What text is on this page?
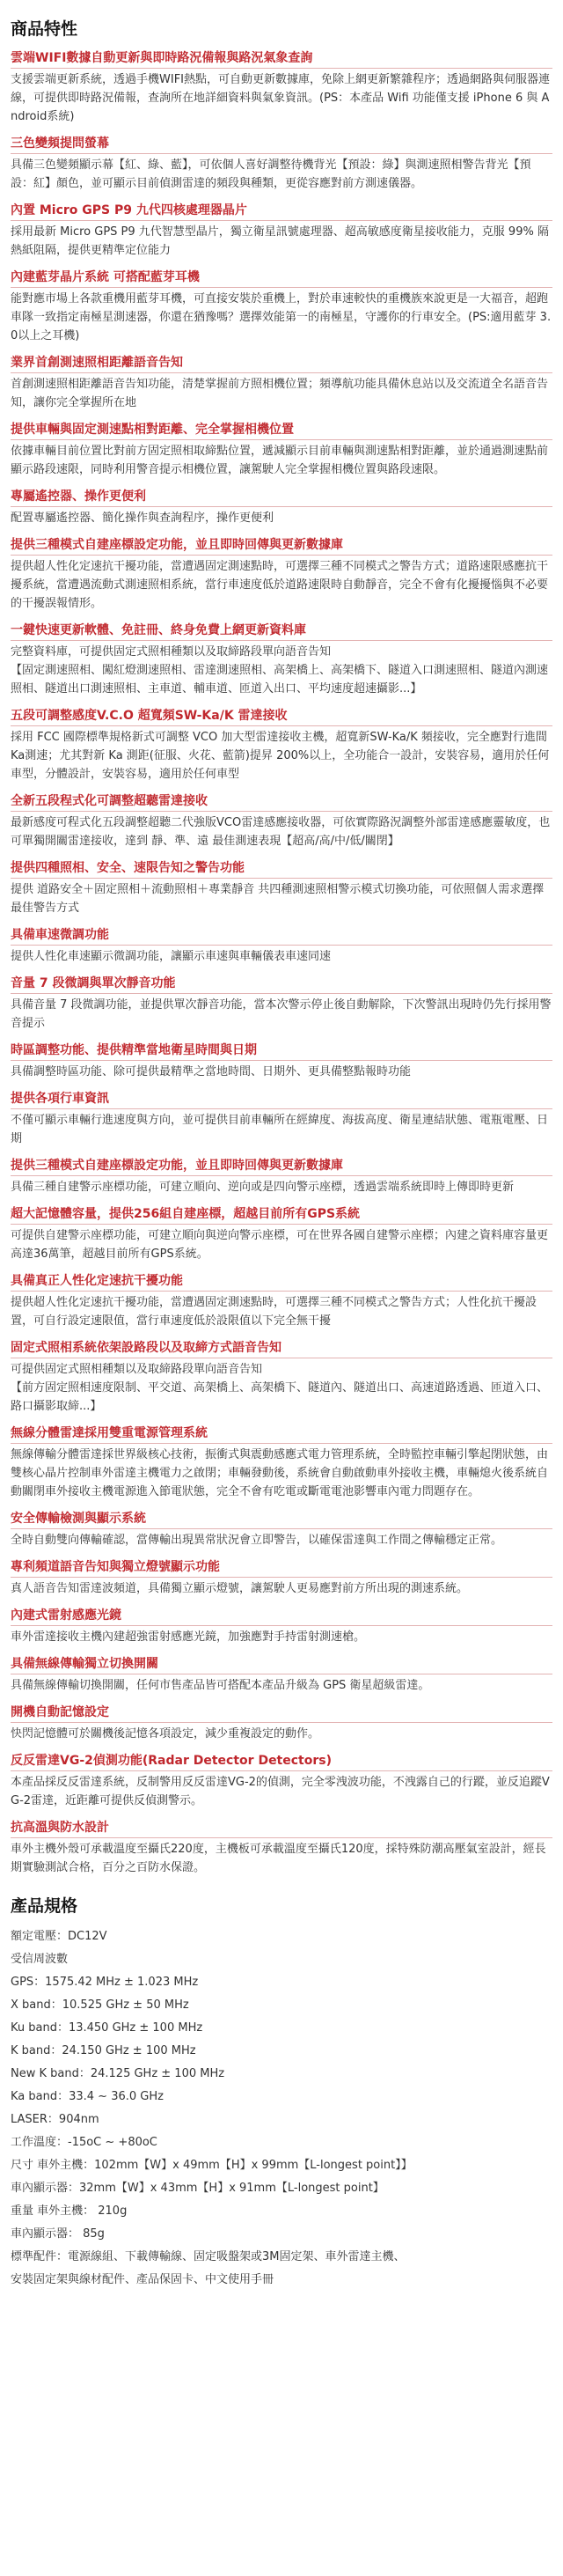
商品特性
雲端WIFI數據自動更新與即時路況備報與路況氣象查詢
支援雲端更新系統，透過手機WIFI熱點，可自動更新數據庫，免除上網更新繁雜程序；透過網路與伺服器連線，可提供即時路況備報，查詢所在地詳細資料與氣象資訊。(PS：本產品 Wifi 功能僅支援 iPhone 6 與 Android系統)
三色變頻提問螢幕
具備三色變頻顯示幕【紅、綠、藍】，可依個人喜好調整待機背光【預設：綠】與測速照相警告背光【預設：紅】顏色，並可顯示目前偵測雷達的頻段與種類，更從容應對前方測速儀器。
內置 Micro GPS P9 九代四核處理器晶片
採用最新 Micro GPS P9 九代智慧型晶片，獨立衛星訊號處理器、超高敏感度衛星接收能力，克服 99% 隔熱紙阻隔，提供更精準定位能力
內建藍芽晶片系統 可搭配藍芽耳機
能對應市場上各款重機用藍芽耳機，可直接安裝於重機上，對於車速較快的重機族來說更是一大福音，超跑車隊一致指定南極星測速器，你還在猶豫嗎？選擇效能第一的南極星，守護你的行車安全。(PS:適用藍芽 3.0以上之耳機)
業界首創測速照相距離語音告知
首創測速照相距離語音告知功能，清楚掌握前方照相機位置；頻導航功能具備休息站以及交流道全名語音告知，讓你完全掌握所在地
提供車輛與固定測速點相對距離、完全掌握相機位置
依據車輛目前位置比對前方固定照相取締點位置，遞減顯示目前車輛與測速點相對距離，並於通過測速點前顯示路段速限，同時利用警音提示相機位置，讓駕駛人完全掌握相機位置與路段速限。
專屬遙控器、操作更便利
配置專屬遙控器、簡化操作與查詢程序，操作更便利
提供三種模式自建座標設定功能，並且即時回傳與更新數據庫
提供超人性化定速抗干擾功能，當遭遇固定測速點時，可選擇三種不同模式之警告方式；道路速限感應抗干擾系統，當遭遇流動式測速照相系統，當行車速度低於道路速限時自動靜音，完全不會有化擾擾惱與不必要的干擾誤報情形。
一鍵快速更新軟體、免註冊、終身免費上網更新資料庫
完整資料庫，可提供固定式照相種類以及取締路段單向語音告知
【固定測速照相、闖紅燈測速照相、雷達測速照相、高架橋上、高架橋下、隧道入口測速照相、隧道內測速照相、隧道出口測速照相、主車道、輔車道、匝道入出口、平均速度超速攝影...】
五段可調整感度V.C.O 超寬頻SW-Ka/K 雷達接收
採用 FCC 國際標準規格新式可調整 VCO 加大型雷達接收主機，超寬新SW-Ka/K 頻接收，完全應對行進間Ka測速；尤其對新 Ka 測距(征服、火花、藍箭)提昇 200%以上，全功能合一設計，安裝容易，適用於任何車型，分體設計，安裝容易，適用於任何車型
全新五段程式化可調整超聽雷達接收
最新感度可程式化五段調整超聽二代強版VCO雷達感應接收器，可依實際路況調整外部雷達感應靈敏度，也可單獨開關雷達接收，達到 靜、準、遠 最佳測速表現【超高/高/中/低/關閉】
提供四種照相、安全、速限告知之警告功能
提供 道路安全＋固定照相＋流動照相＋專業靜音 共四種測速照相警示模式切換功能，可依照個人需求選擇最佳警告方式
具備車速微調功能
提供人性化車速顯示微調功能，讓顯示車速與車輛儀表車速同速
音量 7 段微調與單次靜音功能
具備音量 7 段微調功能，並提供單次靜音功能，當本次警示停止後自動解除，下次警訊出現時仍先行採用警音提示
時區調整功能、提供精準當地衛星時間與日期
具備調整時區功能、除可提供最精準之當地時間、日期外、更具備整點報時功能
提供各項行車資訊
不僅可顯示車輛行進速度與方向，並可提供目前車輛所在經緯度、海拔高度、衛星連結狀態、電瓶電壓、日期
提供三種模式自建座標設定功能，並且即時回傳與更新數據庫
具備三種自建警示座標功能，可建立順向、逆向或是四向警示座標，透過雲端系統即時上傳即時更新
超大記憶體容量，提供256組自建座標，超越目前所有GPS系統
可提供自建警示座標功能，可建立順向與逆向警示座標，可在世界各國自建警示座標；內建之資料庫容量更高達36萬筆，超越目前所有GPS系統。
具備真正人性化定速抗干擾功能
提供超人性化定速抗干擾功能，當遭遇固定測速點時，可選擇三種不同模式之警告方式；人性化抗干擾設置，可自行設定速限值，當行車速度低於設限值以下完全無干擾
固定式照相系統依架設路段以及取締方式語音告知
可提供固定式照相種類以及取締路段單向語音告知
【前方固定照相速度限制、平交道、高架橋上、高架橋下、隧道內、隧道出口、高速道路透過、匝道入口、路口攝影取締...】
無線分體雷達採用雙重電源管理系統
無線傳輸分體雷達採世界級核心技術，振衝式與震動感應式電力管理系統，全時監控車輛引擎起閉狀態，由雙核心晶片控制車外雷達主機電力之啟閉；車輛發動後，系統會自動啟動車外接收主機，車輛熄火後系統自動關閉車外接收主機電源進入節電狀態，完全不會有吃電或斷電電池影響車內電力問題存在。
安全傳輸檢測與顯示系統
全時自動雙向傳輸確認，當傳輸出現異常狀況會立即警告，以確保雷達與工作間之傳輸穩定正常。
專利頻道語音告知與獨立燈號顯示功能
真人語音告知雷達波頻道，具備獨立顯示燈號，讓駕駛人更易應對前方所出現的測速系統。
內建式雷射感應光鏡
車外雷達接收主機內建超強雷射感應光鏡，加強應對手持雷射測速槍。
具備無線傳輸獨立切換開關
具備無線傳輸切換開關，任何市售產品皆可搭配本產品升級為 GPS 衛星超級雷達。
開機自動記憶設定
快閃記憶體可於關機後記憶各項設定，減少重複設定的動作。
反反雷達VG-2偵測功能(Radar Detector Detectors)
本產品採反反雷達系統，反制警用反反雷達VG-2的偵測，完全零洩波功能，不洩露自己的行蹤，並反追蹤VG-2雷達，近距離可提供反偵測警示。
抗高溫與防水設計
車外主機外殼可承載溫度至攝氏220度，主機板可承載溫度至攝氏120度，採特殊防潮高壓氣室設計，經長期實驗測試合格，百分之百防水保證。
產品規格
額定電壓：DC12V
受信周波數
GPS：1575.42 MHz ± 1.023 MHz
X band：10.525 GHz ± 50 MHz
Ku band：13.450 GHz ± 100 MHz
K band：24.150 GHz ± 100 MHz
New K band：24.125 GHz ± 100 MHz
Ka band：33.4 ~ 36.0 GHz
LASER：904nm
工作溫度：-15oC ~ +80oC
尺寸 車外主機：102mm【W】x 49mm【H】x 99mm【L-longest point】】
車內顯示器：32mm【W】x 43mm【H】x 91mm【L-longest point】
重量 車外主機： 210g
車內顯示器： 85g
標準配件：電源線組、下載傳輸線、固定吸盤架或3M固定架、車外雷達主機、
安裝固定架與線材配件、產品保固卡、中文使用手冊
